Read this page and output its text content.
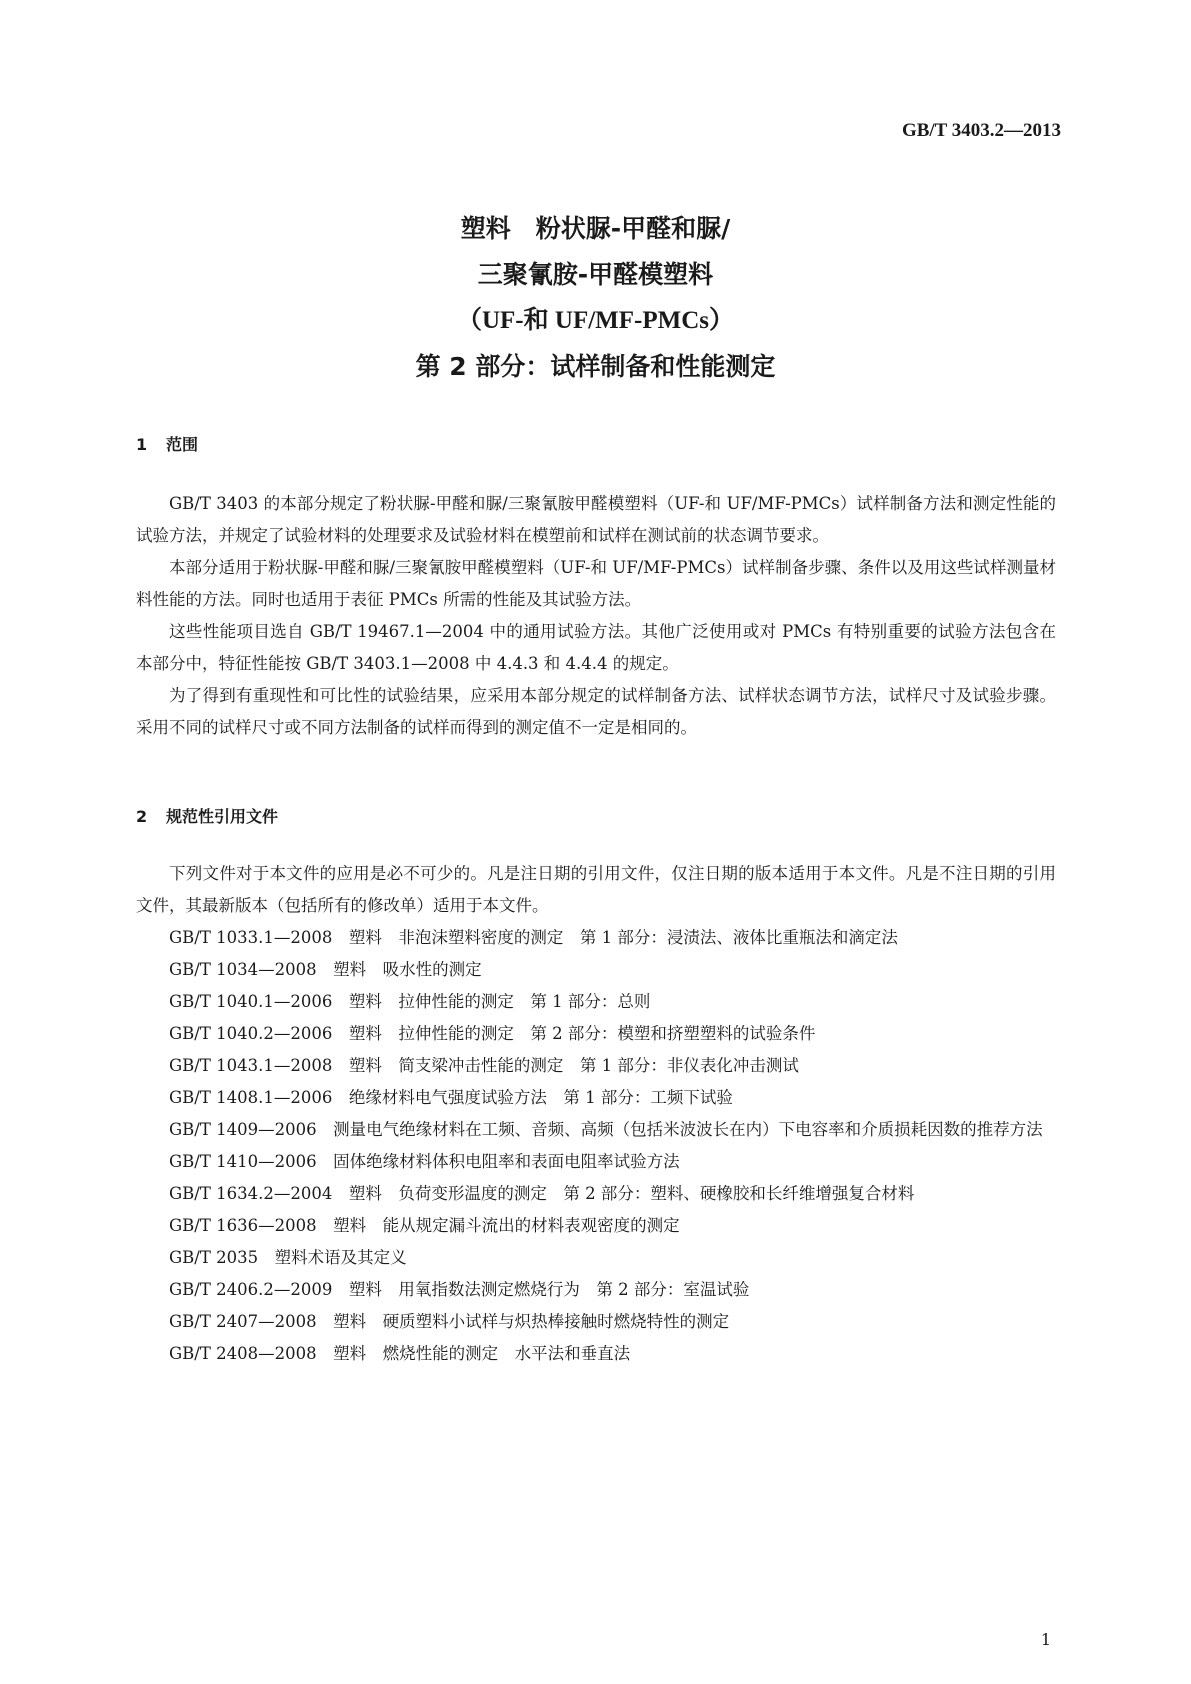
GB/T 3403.2—2013
塑料　粉状脲-甲醛和脲/
三聚氰胺-甲醛模塑料
（UF-和 UF/MF-PMCs）
第 2 部分：试样制备和性能测定
1 范围
GB/T 3403 的本部分规定了粉状脲-甲醛和脲/三聚氰胺甲醛模塑料（UF-和 UF/MF-PMCs）试样制备方法和测定性能的试验方法，并规定了试验材料的处理要求及试验材料在模塑前和试样在测试前的状态调节要求。
本部分适用于粉状脲-甲醛和脲/三聚氰胺甲醛模塑料（UF-和 UF/MF-PMCs）试样制备步骤、条件以及用这些试样测量材料性能的方法。同时也适用于表征 PMCs 所需的性能及其试验方法。
这些性能项目选自 GB/T 19467.1—2004 中的通用试验方法。其他广泛使用或对 PMCs 有特别重要的试验方法包含在本部分中，特征性能按 GB/T 3403.1—2008 中 4.4.3 和 4.4.4 的规定。
为了得到有重现性和可比性的试验结果，应采用本部分规定的试样制备方法、试样状态调节方法，试样尺寸及试验步骤。采用不同的试样尺寸或不同方法制备的试样而得到的测定值不一定是相同的。
2 规范性引用文件
下列文件对于本文件的应用是必不可少的。凡是注日期的引用文件，仅注日期的版本适用于本文件。凡是不注日期的引用文件，其最新版本（包括所有的修改单）适用于本文件。
GB/T 1033.1—2008　塑料　非泡沫塑料密度的测定　第 1 部分：浸渍法、液体比重瓶法和滴定法
GB/T 1034—2008　塑料　吸水性的测定
GB/T 1040.1—2006　塑料　拉伸性能的测定　第 1 部分：总则
GB/T 1040.2—2006　塑料　拉伸性能的测定　第 2 部分：模塑和挤塑塑料的试验条件
GB/T 1043.1—2008　塑料　简支梁冲击性能的测定　第 1 部分：非仪表化冲击测试
GB/T 1408.1—2006　绝缘材料电气强度试验方法　第 1 部分：工频下试验
GB/T 1409—2006　测量电气绝缘材料在工频、音频、高频（包括米波波长在内）下电容率和介质损耗因数的推荐方法
GB/T 1410—2006　固体绝缘材料体积电阻率和表面电阻率试验方法
GB/T 1634.2—2004　塑料　负荷变形温度的测定　第 2 部分：塑料、硬橡胶和长纤维增强复合材料
GB/T 1636—2008　塑料　能从规定漏斗流出的材料表观密度的测定
GB/T 2035　塑料术语及其定义
GB/T 2406.2—2009　塑料　用氧指数法测定燃烧行为　第 2 部分：室温试验
GB/T 2407—2008　塑料　硬质塑料小试样与炽热棒接触时燃烧特性的测定
GB/T 2408—2008　塑料　燃烧性能的测定　水平法和垂直法
1
